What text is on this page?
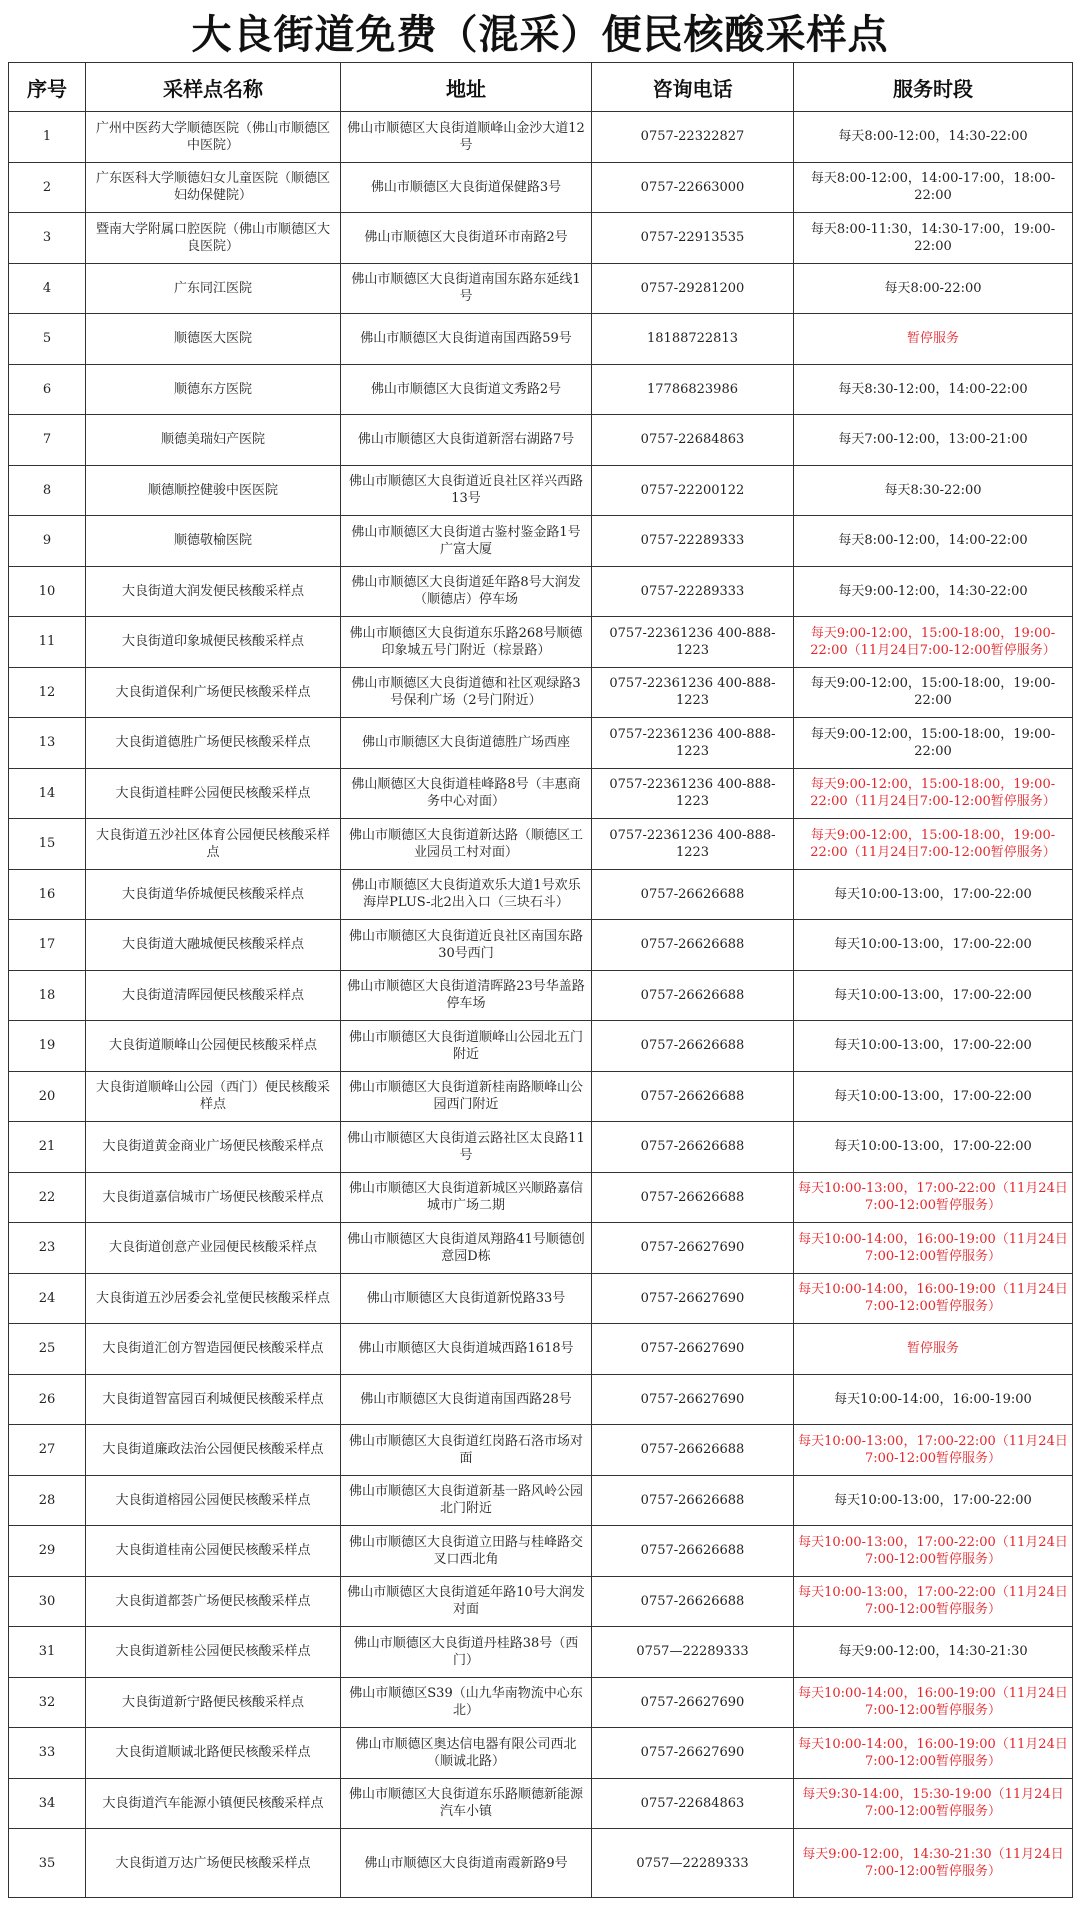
大良街道免费（混采）便民核酸采样点
序号	采样点名称	地址	咨询电话	服务时段
1	广州中医药大学顺德医院（佛山市顺德区中医院）	佛山市顺德区大良街道顺峰山金沙大道12号	0757-22322827	每天8:00-12:00，14:30-22:00
2	广东医科大学顺德妇女儿童医院（顺德区妇幼保健院）	佛山市顺德区大良街道保健路3号	0757-22663000	每天8:00-12:00，14:00-17:00，18:00-22:00
3	暨南大学附属口腔医院（佛山市顺德区大良医院）	佛山市顺德区大良街道环市南路2号	0757-22913535	每天8:00-11:30，14:30-17:00，19:00-22:00
4	广东同江医院	佛山市顺德区大良街道南国东路东延线1号	0757-29281200	每天8:00-22:00
5	顺德医大医院	佛山市顺德区大良街道南国西路59号	18188722813	暂停服务
6	顺德东方医院	佛山市顺德区大良街道文秀路2号	17786823986	每天8:30-12:00，14:00-22:00
7	顺德美瑞妇产医院	佛山市顺德区大良街道新滘右湖路7号	0757-22684863	每天7:00-12:00，13:00-21:00
8	顺德顺控健骏中医医院	佛山市顺德区大良街道近良社区祥兴西路13号	0757-22200122	每天8:30-22:00
9	顺德敬榆医院	佛山市顺德区大良街道古鉴村鉴金路1号广富大厦	0757-22289333	每天8:00-12:00，14:00-22:00
10	大良街道大润发便民核酸采样点	佛山市顺德区大良街道延年路8号大润发（顺德店）停车场	0757-22289333	每天9:00-12:00，14:30-22:00
11	大良街道印象城便民核酸采样点	佛山市顺德区大良街道东乐路268号顺德印象城五号门附近（棕景路）	0757-22361236 400-888-1223	每天9:00-12:00，15:00-18:00，19:00-22:00（11月24日7:00-12:00暂停服务）
12	大良街道保利广场便民核酸采样点	佛山市顺德区大良街道德和社区观绿路3号保利广场（2号门附近）	0757-22361236 400-888-1223	每天9:00-12:00，15:00-18:00，19:00-22:00
13	大良街道德胜广场便民核酸采样点	佛山市顺德区大良街道德胜广场西座	0757-22361236 400-888-1223	每天9:00-12:00，15:00-18:00，19:00-22:00
14	大良街道桂畔公园便民核酸采样点	佛山顺德区大良街道桂峰路8号（丰惠商务中心对面）	0757-22361236 400-888-1223	每天9:00-12:00，15:00-18:00，19:00-22:00（11月24日7:00-12:00暂停服务）
15	大良街道五沙社区体育公园便民核酸采样点	佛山市顺德区大良街道新达路（顺德区工业园员工村对面）	0757-22361236 400-888-1223	每天9:00-12:00，15:00-18:00，19:00-22:00（11月24日7:00-12:00暂停服务）
16	大良街道华侨城便民核酸采样点	佛山市顺德区大良街道欢乐大道1号欢乐海岸PLUS-北2出入口（三块石斗）	0757-26626688	每天10:00-13:00，17:00-22:00
17	大良街道大融城便民核酸采样点	佛山市顺德区大良街道近良社区南国东路30号西门	0757-26626688	每天10:00-13:00，17:00-22:00
18	大良街道清晖园便民核酸采样点	佛山市顺德区大良街道清晖路23号华盖路停车场	0757-26626688	每天10:00-13:00，17:00-22:00
19	大良街道顺峰山公园便民核酸采样点	佛山市顺德区大良街道顺峰山公园北五门附近	0757-26626688	每天10:00-13:00，17:00-22:00
20	大良街道顺峰山公园（西门）便民核酸采样点	佛山市顺德区大良街道新桂南路顺峰山公园西门附近	0757-26626688	每天10:00-13:00，17:00-22:00
21	大良街道黄金商业广场便民核酸采样点	佛山市顺德区大良街道云路社区太良路11号	0757-26626688	每天10:00-13:00，17:00-22:00
22	大良街道嘉信城市广场便民核酸采样点	佛山市顺德区大良街道新城区兴顺路嘉信城市广场二期	0757-26626688	每天10:00-13:00，17:00-22:00（11月24日7:00-12:00暂停服务）
23	大良街道创意产业园便民核酸采样点	佛山市顺德区大良街道凤翔路41号顺德创意园D栋	0757-26627690	每天10:00-14:00，16:00-19:00（11月24日7:00-12:00暂停服务）
24	大良街道五沙居委会礼堂便民核酸采样点	佛山市顺德区大良街道新悦路33号	0757-26627690	每天10:00-14:00，16:00-19:00（11月24日7:00-12:00暂停服务）
25	大良街道汇创方智造园便民核酸采样点	佛山市顺德区大良街道城西路1618号	0757-26627690	暂停服务
26	大良街道智富园百利城便民核酸采样点	佛山市顺德区大良街道南国西路28号	0757-26627690	每天10:00-14:00，16:00-19:00
27	大良街道廉政法治公园便民核酸采样点	佛山市顺德区大良街道红岗路石洛市场对面	0757-26626688	每天10:00-13:00，17:00-22:00（11月24日7:00-12:00暂停服务）
28	大良街道榕园公园便民核酸采样点	佛山市顺德区大良街道新基一路风岭公园北门附近	0757-26626688	每天10:00-13:00，17:00-22:00
29	大良街道桂南公园便民核酸采样点	佛山市顺德区大良街道立田路与桂峰路交叉口西北角	0757-26626688	每天10:00-13:00，17:00-22:00（11月24日7:00-12:00暂停服务）
30	大良街道都荟广场便民核酸采样点	佛山市顺德区大良街道延年路10号大润发对面	0757-26626688	每天10:00-13:00，17:00-22:00（11月24日7:00-12:00暂停服务）
31	大良街道新桂公园便民核酸采样点	佛山市顺德区大良街道丹桂路38号（西门）	0757—22289333	每天9:00-12:00，14:30-21:30
32	大良街道新宁路便民核酸采样点	佛山市顺德区S39（山九华南物流中心东北）	0757-26627690	每天10:00-14:00，16:00-19:00（11月24日7:00-12:00暂停服务）
33	大良街道顺诚北路便民核酸采样点	佛山市顺德区奥达信电器有限公司西北（顺诚北路）	0757-26627690	每天10:00-14:00，16:00-19:00（11月24日7:00-12:00暂停服务）
34	大良街道汽车能源小镇便民核酸采样点	佛山市顺德区大良街道东乐路顺德新能源汽车小镇	0757-22684863	每天9:30-14:00，15:30-19:00（11月24日7:00-12:00暂停服务）
35	大良街道万达广场便民核酸采样点	佛山市顺德区大良街道南霞新路9号	0757—22289333	每天9:00-12:00，14:30-21:30（11月24日7:00-12:00暂停服务）
